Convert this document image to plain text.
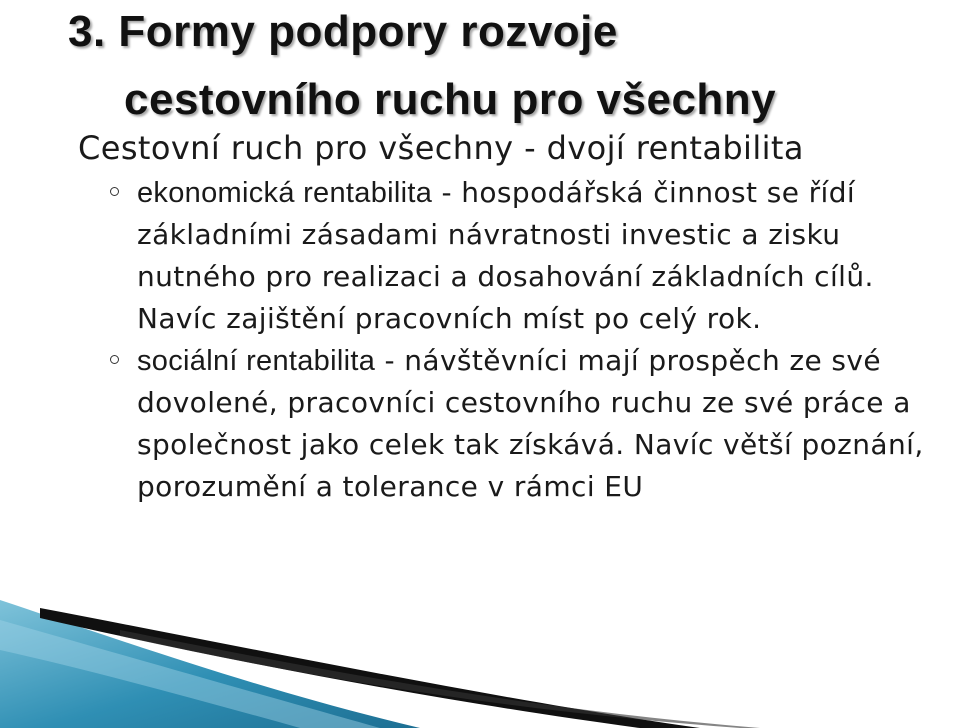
3. Formy podpory rozvoje
cestovního ruchu pro všechny

Cestovní ruch pro všechny - dvojí rentabilita

ekonomická rentabilita - hospodářská činnost se řídí základními zásadami návratnosti investic a zisku nutného pro realizaci a dosahování základních cílů. Navíc zajištění pracovních míst po celý rok.
sociální rentabilita - návštěvníci mají prospěch ze své dovolené, pracovníci cestovního ruchu ze své práce a společnost jako celek tak získává. Navíc větší poznání, porozumění a tolerance v rámci EU
